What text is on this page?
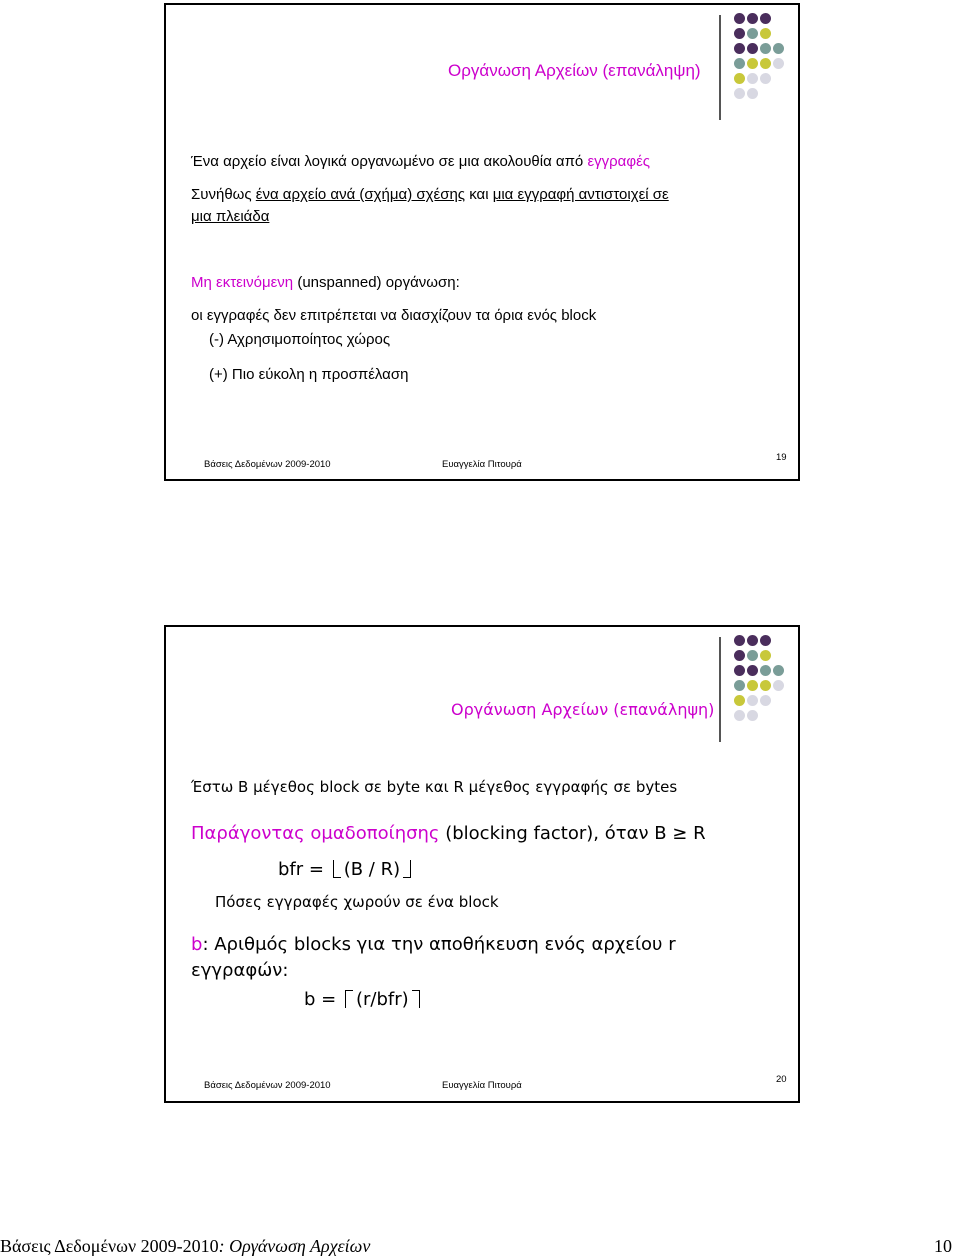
Οργάνωση Αρχείων (επανάληψη)
Ένα αρχείο είναι λογικά οργανωμένο σε μια ακολουθία από εγγραφές
Συνήθως ένα αρχείο ανά (σχήμα) σχέσης και μια εγγραφή αντιστοιχεί σε
μια πλειάδα
Μη εκτεινόμενη (unspanned) οργάνωση:
οι εγγραφές δεν επιτρέπεται να διασχίζουν τα όρια ενός block
(-) Αχρησιμοποίητος χώρος
(+) Πιο εύκολη η προσπέλαση
Βάσεις Δεδομένων 2009-2010	Ευαγγελία Πιτουρά
19
Οργάνωση Αρχείων (επανάληψη)
Έστω Β μέγεθος block σε byte και R μέγεθος εγγραφής σε bytes
Παράγοντας ομαδοποίησης (blocking factor), όταν B ≥ R
bfr = (B / R)
Πόσες εγγραφές χωρούν σε ένα block
b: Αριθμός blocks για την αποθήκευση ενός αρχείου r
εγγραφών:
b = (r/bfr)
Βάσεις Δεδομένων 2009-2010	Ευαγγελία Πιτουρά
20
Βάσεις Δεδομένων 2009-2010: Οργάνωση Αρχείων	10
